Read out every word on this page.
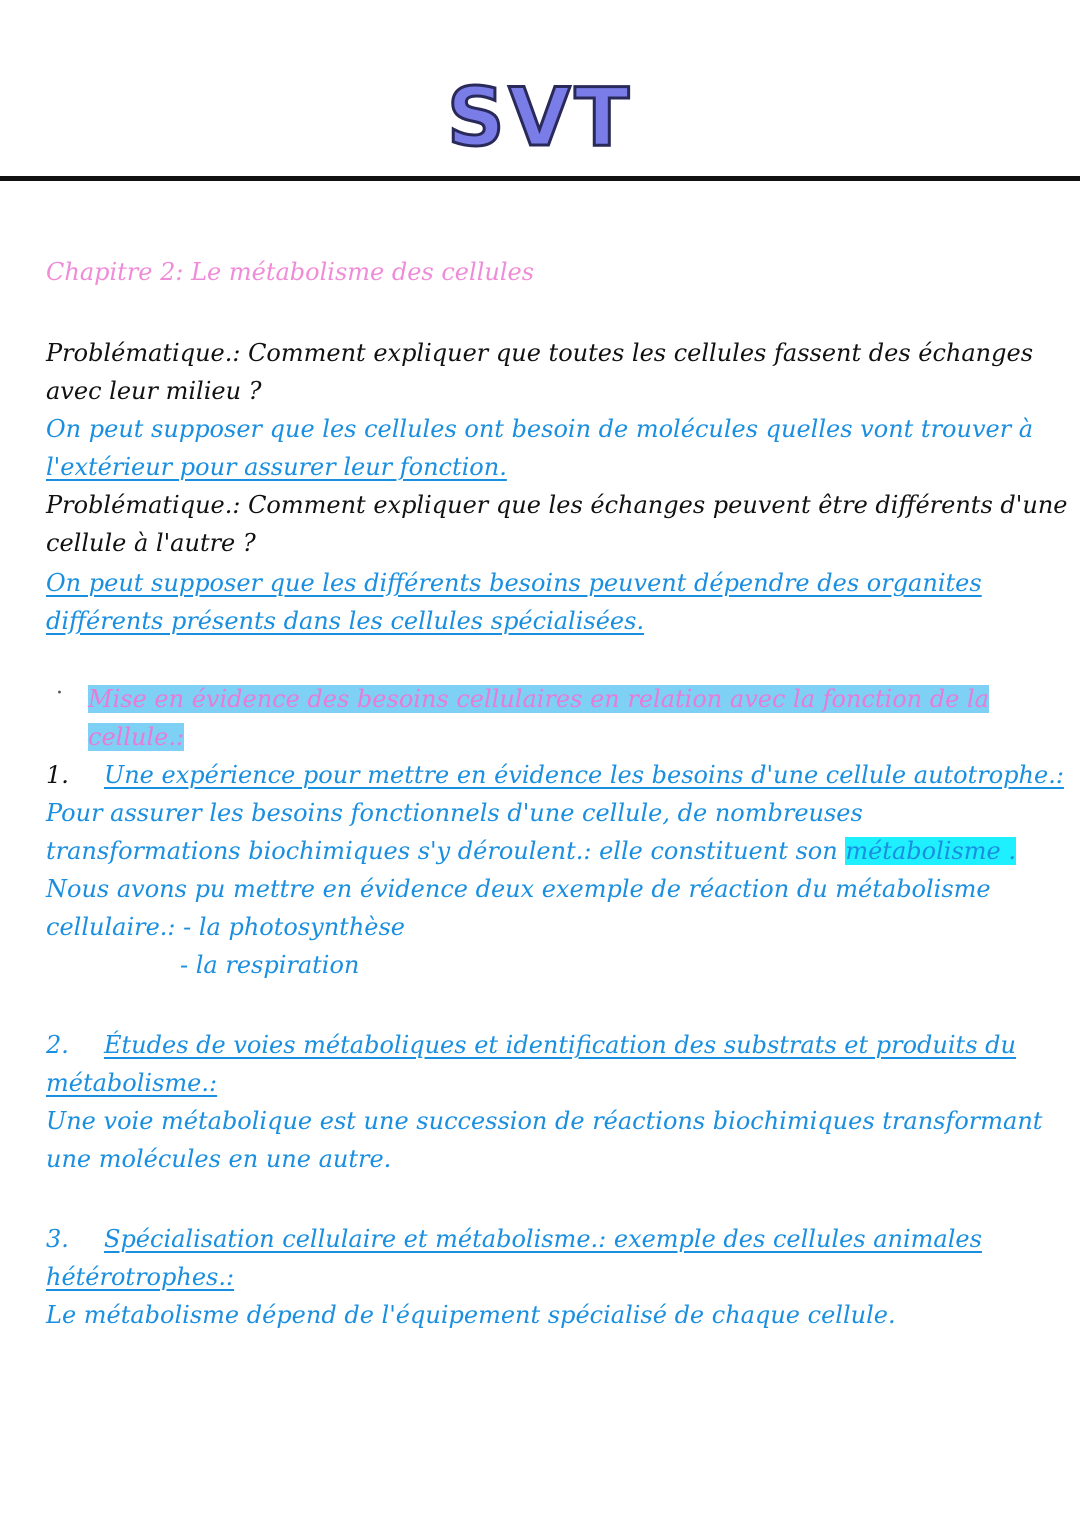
SVT
Chapitre 2: Le métabolisme des cellules
Problématique.: Comment expliquer que toutes les cellules fassent des échanges
avec leur milieu ?
On peut supposer que les cellules ont besoin de molécules quelles vont trouver à
l'extérieur pour assurer leur fonction.
Problématique.: Comment expliquer que les échanges peuvent être différents d'une
cellule à l'autre ?
On peut supposer que les différents besoins peuvent dépendre des organites
différents présents dans les cellules spécialisées.
· Mise en évidence des besoins cellulaires en relation avec la fonction de la
cellule.:
1. Une expérience pour mettre en évidence les besoins d'une cellule autotrophe.:
Pour assurer les besoins fonctionnels d'une cellule, de nombreuses
transformations biochimiques s'y déroulent.: elle constituent son métabolisme .
Nous avons pu mettre en évidence deux exemple de réaction du métabolisme
cellulaire.: - la photosynthèse
- la respiration
2. Études de voies métaboliques et identification des substrats et produits du
métabolisme.:
Une voie métabolique est une succession de réactions biochimiques transformant
une molécules en une autre.
3. Spécialisation cellulaire et métabolisme.: exemple des cellules animales
hétérotrophes.:
Le métabolisme dépend de l'équipement spécialisé de chaque cellule.
